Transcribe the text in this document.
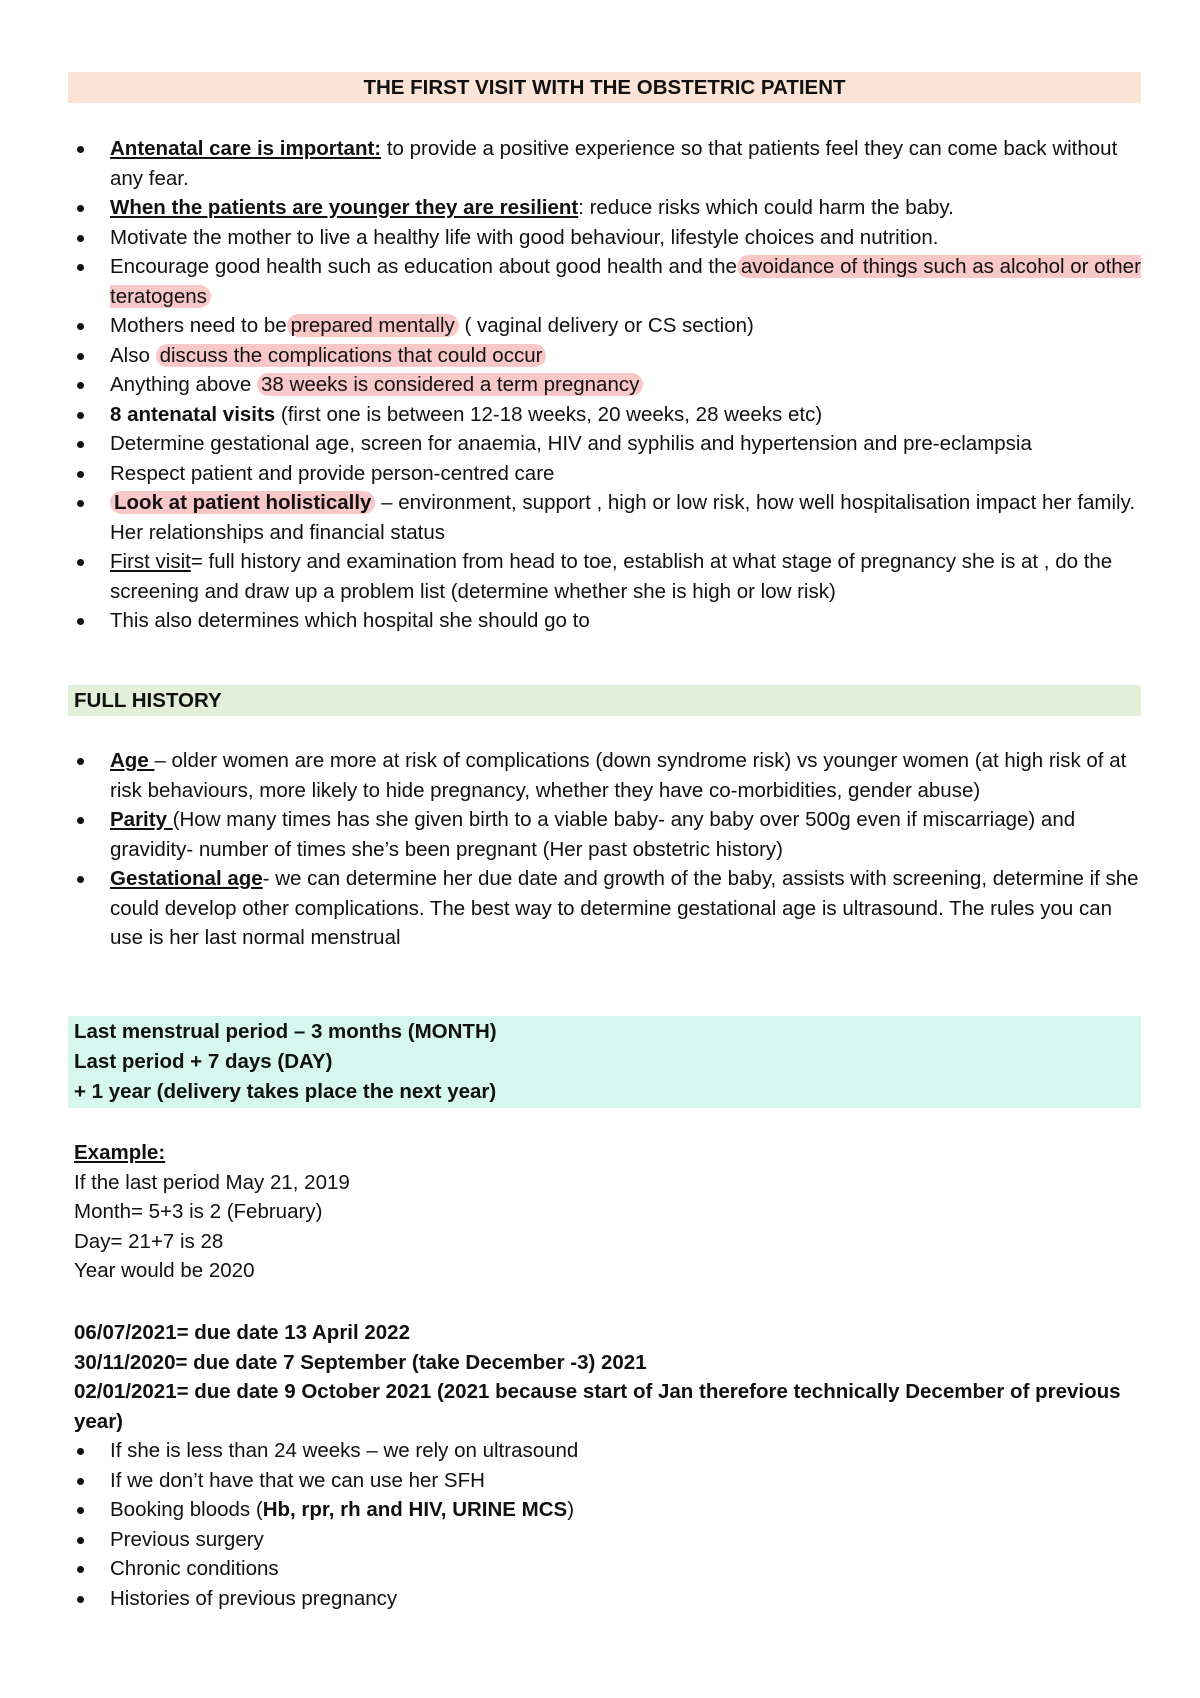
THE FIRST VISIT WITH THE OBSTETRIC PATIENT
Antenatal care is important: to provide a positive experience so that patients feel they can come back without any fear.
When the patients are younger they are resilient: reduce risks which could harm the baby.
Motivate the mother to live a healthy life with good behaviour, lifestyle choices and nutrition.
Encourage good health such as education about good health and the avoidance of things such as alcohol or other teratogens
Mothers need to be prepared mentally ( vaginal delivery or CS section)
Also discuss the complications that could occur
Anything above 38 weeks is considered a term pregnancy
8 antenatal visits (first one is between 12-18 weeks, 20 weeks, 28 weeks etc)
Determine gestational age, screen for anaemia, HIV and syphilis and hypertension and pre-eclampsia
Respect patient and provide person-centred care
Look at patient holistically – environment, support , high or low risk, how well hospitalisation impact her family. Her relationships and financial status
First visit= full history and examination from head to toe, establish at what stage of pregnancy she is at , do the screening and draw up a problem list (determine whether she is high or low risk)
This also determines which hospital she should go to
FULL HISTORY
Age – older women are more at risk of complications (down syndrome risk) vs younger women (at high risk of at risk behaviours, more likely to hide pregnancy, whether they have co-morbidities, gender abuse)
Parity (How many times has she given birth to a viable baby- any baby over 500g even if miscarriage) and gravidity- number of times she’s been pregnant (Her past obstetric history)
Gestational age- we can determine her due date and growth of the baby, assists with screening, determine if she could develop other complications. The best way to determine gestational age is ultrasound. The rules you can use is her last normal menstrual
Last menstrual period – 3 months (MONTH)
Last period + 7 days (DAY)
+ 1 year (delivery takes place the next year)
Example:
If the last period May 21, 2019
Month= 5+3 is 2 (February)
Day= 21+7 is 28
Year would be 2020
06/07/2021= due date 13 April 2022
30/11/2020= due date 7 September (take December -3) 2021
02/01/2021= due date 9 October 2021 (2021 because start of Jan therefore technically December of previous year)
If she is less than 24 weeks – we rely on ultrasound
If we don’t have that we can use her SFH
Booking bloods (Hb, rpr, rh and HIV, URINE MCS)
Previous surgery
Chronic conditions
Histories of previous pregnancy
